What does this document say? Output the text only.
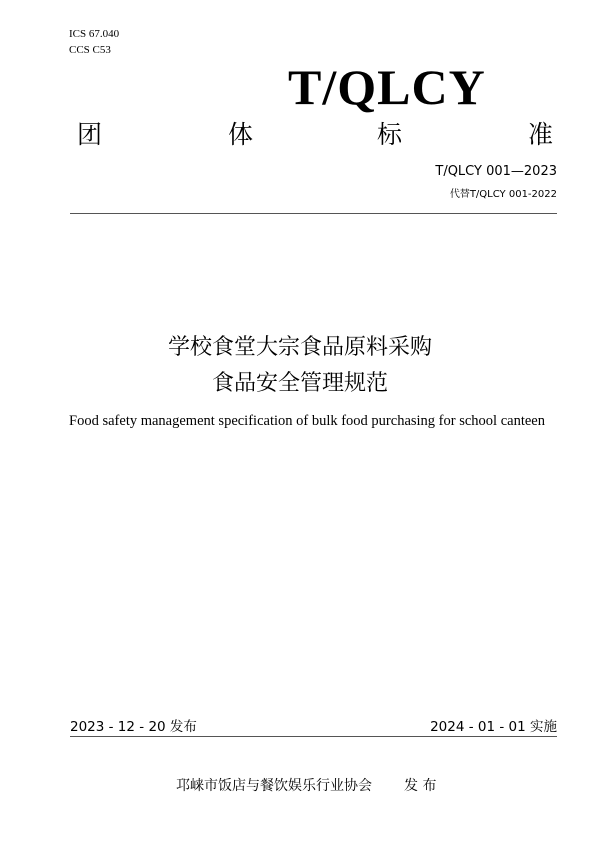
ICS 67.040
CCS C53
T/QLCY
团	体	标	准
T/QLCY 001—2023
代替T/QLCY 001-2022
学校食堂大宗食品原料采购
食品安全管理规范
Food safety management specification of bulk food purchasing for school canteen
2023 - 12 - 20 发布	2024 - 01 - 01 实施
邛崃市饭店与餐饮娱乐行业协会 发 布
